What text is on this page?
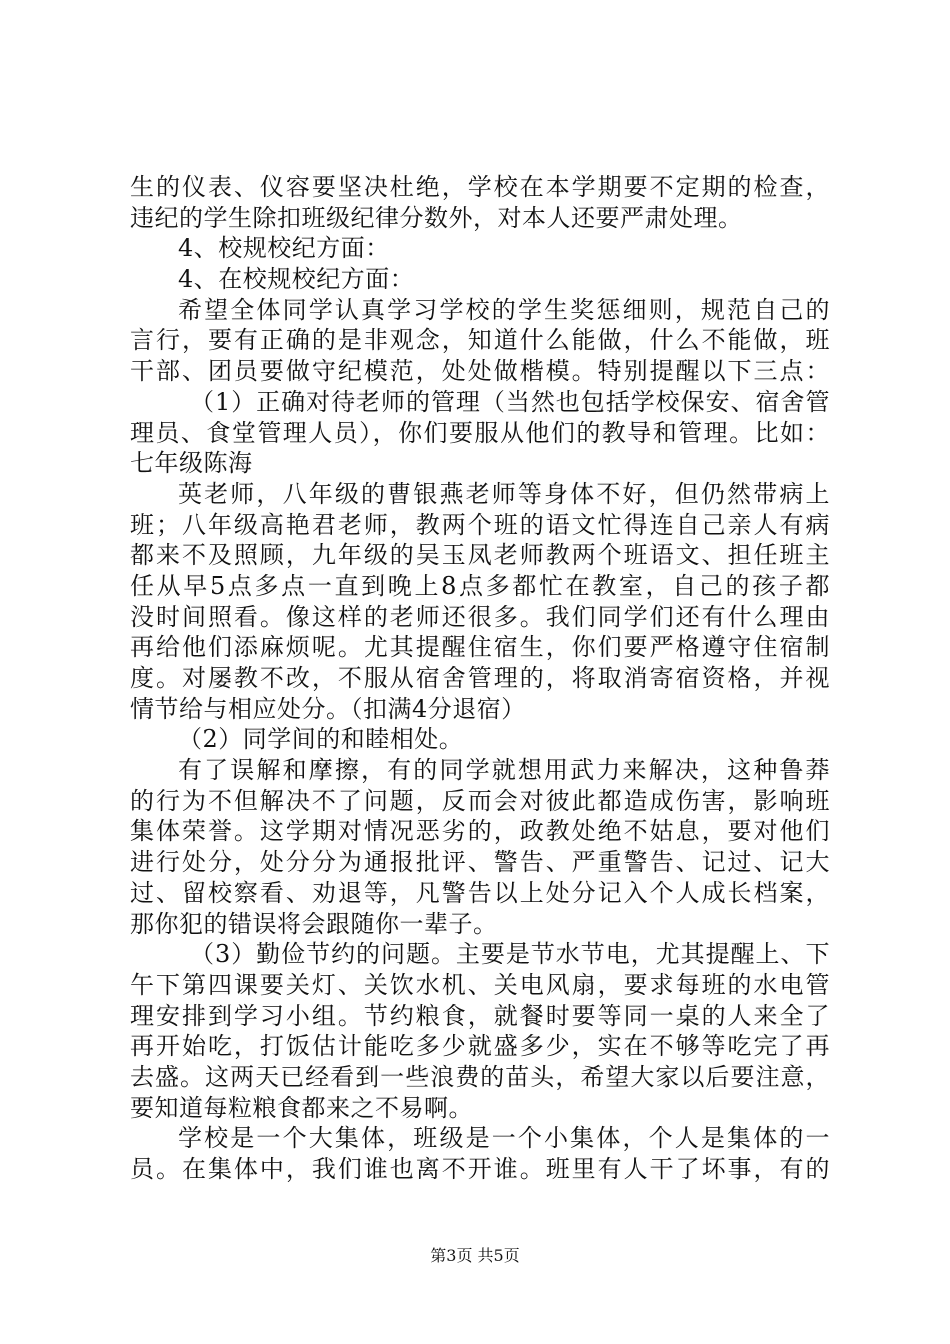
生的仪表、仪容要坚决杜绝，学校在本学期要不定期的检查，
违纪的学生除扣班级纪律分数外，对本人还要严肃处理。
4、校规校纪方面：
4、在校规校纪方面：
希望全体同学认真学习学校的学生奖惩细则，规范自己的
言行，要有正确的是非观念，知道什么能做，什么不能做，班
干部、团员要做守纪模范，处处做楷模。特别提醒以下三点：
（1）正确对待老师的管理（当然也包括学校保安、宿舍管
理员、食堂管理人员），你们要服从他们的教导和管理。比如：
七年级陈海
英老师，八年级的曹银燕老师等身体不好，但仍然带病上
班；八年级高艳君老师，教两个班的语文忙得连自己亲人有病
都来不及照顾，九年级的吴玉凤老师教两个班语文、担任班主
任从早5点多点一直到晚上8点多都忙在教室，自己的孩子都
没时间照看。像这样的老师还很多。我们同学们还有什么理由
再给他们添麻烦呢。尤其提醒住宿生，你们要严格遵守住宿制
度。对屡教不改，不服从宿舍管理的，将取消寄宿资格，并视
情节给与相应处分。（扣满4分退宿）
（2）同学间的和睦相处。
有了误解和摩擦，有的同学就想用武力来解决，这种鲁莽
的行为不但解决不了问题，反而会对彼此都造成伤害，影响班
集体荣誉。这学期对情况恶劣的，政教处绝不姑息，要对他们
进行处分，处分分为通报批评、警告、严重警告、记过、记大
过、留校察看、劝退等，凡警告以上处分记入个人成长档案，
那你犯的错误将会跟随你一辈子。
（3）勤俭节约的问题。主要是节水节电，尤其提醒上、下
午下第四课要关灯、关饮水机、关电风扇，要求每班的水电管
理安排到学习小组。节约粮食，就餐时要等同一桌的人来全了
再开始吃，打饭估计能吃多少就盛多少，实在不够等吃完了再
去盛。这两天已经看到一些浪费的苗头，希望大家以后要注意，
要知道每粒粮食都来之不易啊。
学校是一个大集体，班级是一个小集体，个人是集体的一
员。在集体中，我们谁也离不开谁。班里有人干了坏事，有的
第3页 共5页
